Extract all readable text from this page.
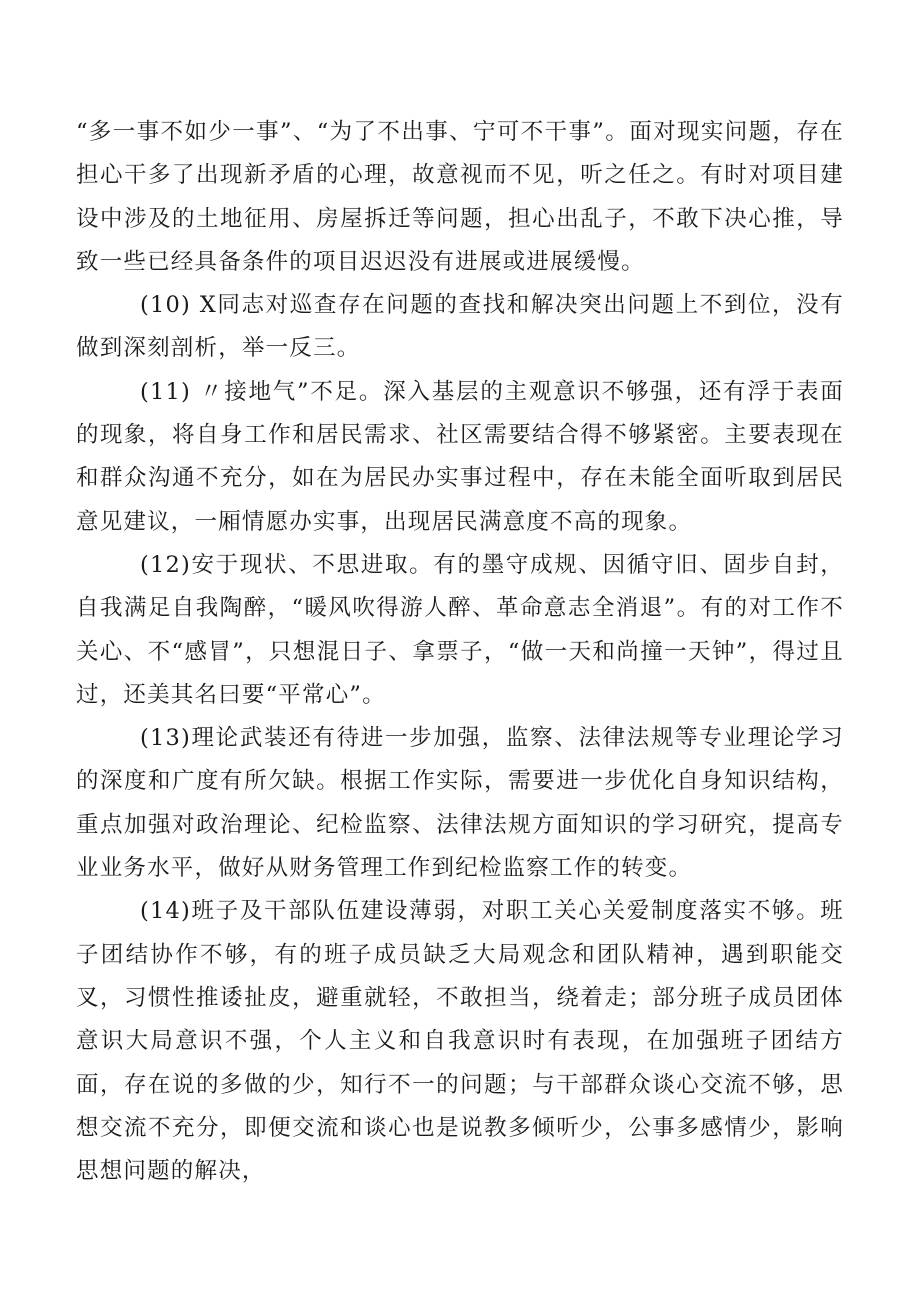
“多一事不如少一事”、“为了不出事、宁可不干事”。面对现实问题，存在担心干多了出现新矛盾的心理，故意视而不见，听之任之。有时对项目建设中涉及的土地征用、房屋拆迁等问题，担心出乱子，不敢下决心推，导致一些已经具备条件的项目迟迟没有进展或进展缓慢。

(10) X同志对巡查存在问题的查找和解决突出问题上不到位，没有做到深刻剖析，举一反三。

(11) 〃接地气”不足。深入基层的主观意识不够强，还有浮于表面的现象，将自身工作和居民需求、社区需要结合得不够紧密。主要表现在和群众沟通不充分，如在为居民办实事过程中，存在未能全面听取到居民意见建议，一厢情愿办实事，出现居民满意度不高的现象。

(12)安于现状、不思进取。有的墨守成规、因循守旧、固步自封，自我满足自我陶醉，“暖风吹得游人醉、革命意志全消退”。有的对工作不关心、不“感冒”，只想混日子、拿票子，“做一天和尚撞一天钟”，得过且过，还美其名曰要“平常心”。

(13)理论武装还有待进一步加强，监察、法律法规等专业理论学习的深度和广度有所欠缺。根据工作实际，需要进一步优化自身知识结构，重点加强对政治理论、纪检监察、法律法规方面知识的学习研究，提高专业业务水平，做好从财务管理工作到纪检监察工作的转变。

(14)班子及干部队伍建设薄弱，对职工关心关爱制度落实不够。班子团结协作不够，有的班子成员缺乏大局观念和团队精神，遇到职能交叉，习惯性推诿扯皮，避重就轻，不敢担当，绕着走；部分班子成员团体意识大局意识不强，个人主义和自我意识时有表现，在加强班子团结方面，存在说的多做的少，知行不一的问题；与干部群众谈心交流不够，思想交流不充分，即便交流和谈心也是说教多倾听少，公事多感情少，影响思想问题的解决，
